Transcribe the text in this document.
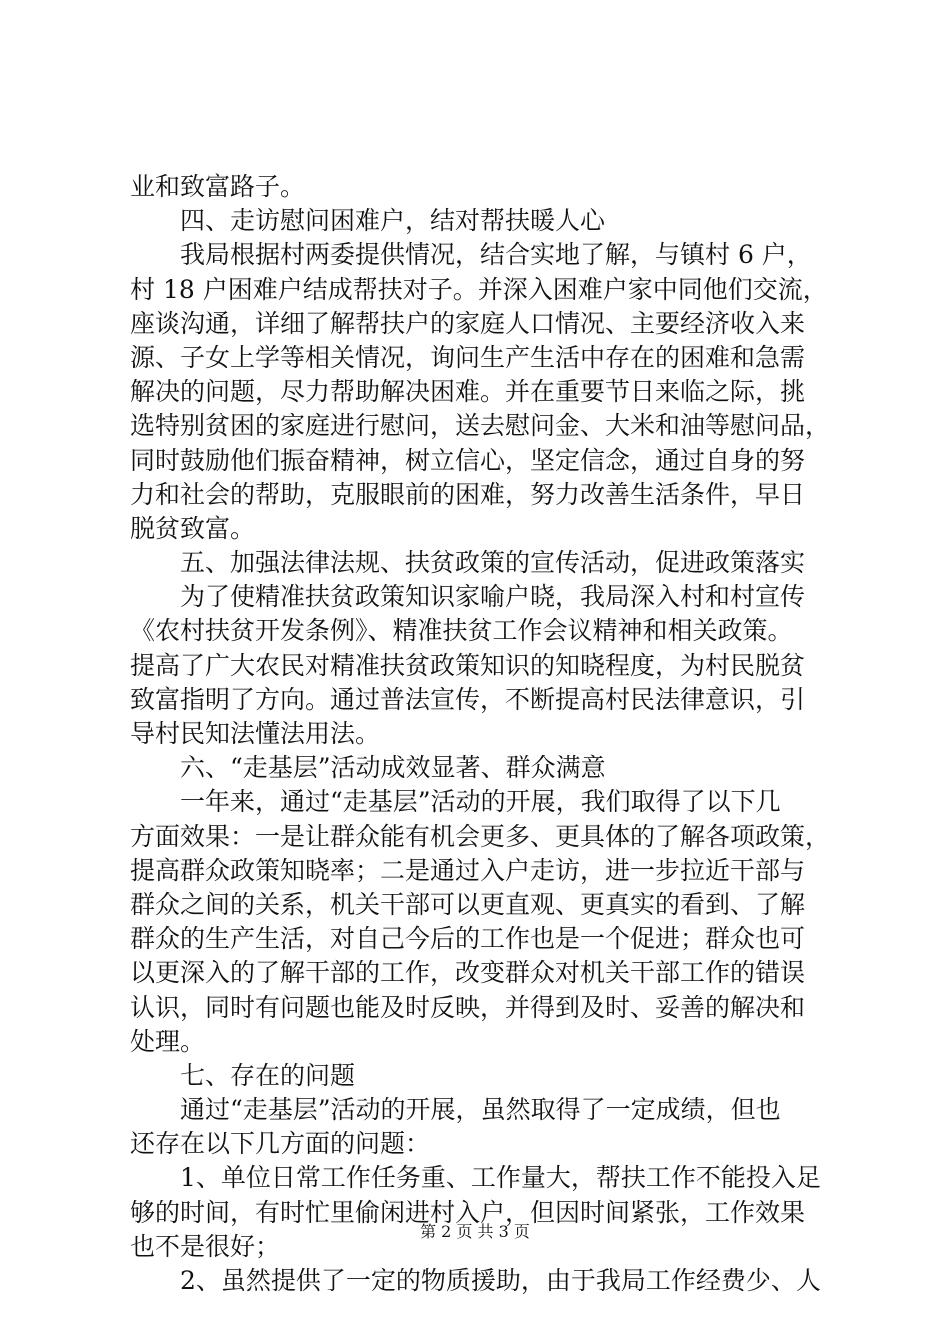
业和致富路子。
四、走访慰问困难户，结对帮扶暖人心
我局根据村两委提供情况，结合实地了解，与镇村 6 户，
村 18 户困难户结成帮扶对子。并深入困难户家中同他们交流，
座谈沟通，详细了解帮扶户的家庭人口情况、主要经济收入来
源、子女上学等相关情况，询问生产生活中存在的困难和急需
解决的问题，尽力帮助解决困难。并在重要节日来临之际，挑
选特别贫困的家庭进行慰问，送去慰问金、大米和油等慰问品，
同时鼓励他们振奋精神，树立信心，坚定信念，通过自身的努
力和社会的帮助，克服眼前的困难，努力改善生活条件，早日
脱贫致富。
五、加强法律法规、扶贫政策的宣传活动，促进政策落实
为了使精准扶贫政策知识家喻户晓，我局深入村和村宣传
《农村扶贫开发条例》、精准扶贫工作会议精神和相关政策。
提高了广大农民对精准扶贫政策知识的知晓程度，为村民脱贫
致富指明了方向。通过普法宣传，不断提高村民法律意识，引
导村民知法懂法用法。
六、“走基层”活动成效显著、群众满意
一年来，通过“走基层”活动的开展，我们取得了以下几
方面效果：一是让群众能有机会更多、更具体的了解各项政策，
提高群众政策知晓率；二是通过入户走访，进一步拉近干部与
群众之间的关系，机关干部可以更直观、更真实的看到、了解
群众的生产生活，对自己今后的工作也是一个促进；群众也可
以更深入的了解干部的工作，改变群众对机关干部工作的错误
认识，同时有问题也能及时反映，并得到及时、妥善的解决和
处理。
七、存在的问题
通过“走基层”活动的开展，虽然取得了一定成绩，但也
还存在以下几方面的问题：
1、单位日常工作任务重、工作量大，帮扶工作不能投入足
够的时间，有时忙里偷闲进村入户，但因时间紧张，工作效果
也不是很好；
2、虽然提供了一定的物质援助，由于我局工作经费少、人
第 2 页 共 3 页
